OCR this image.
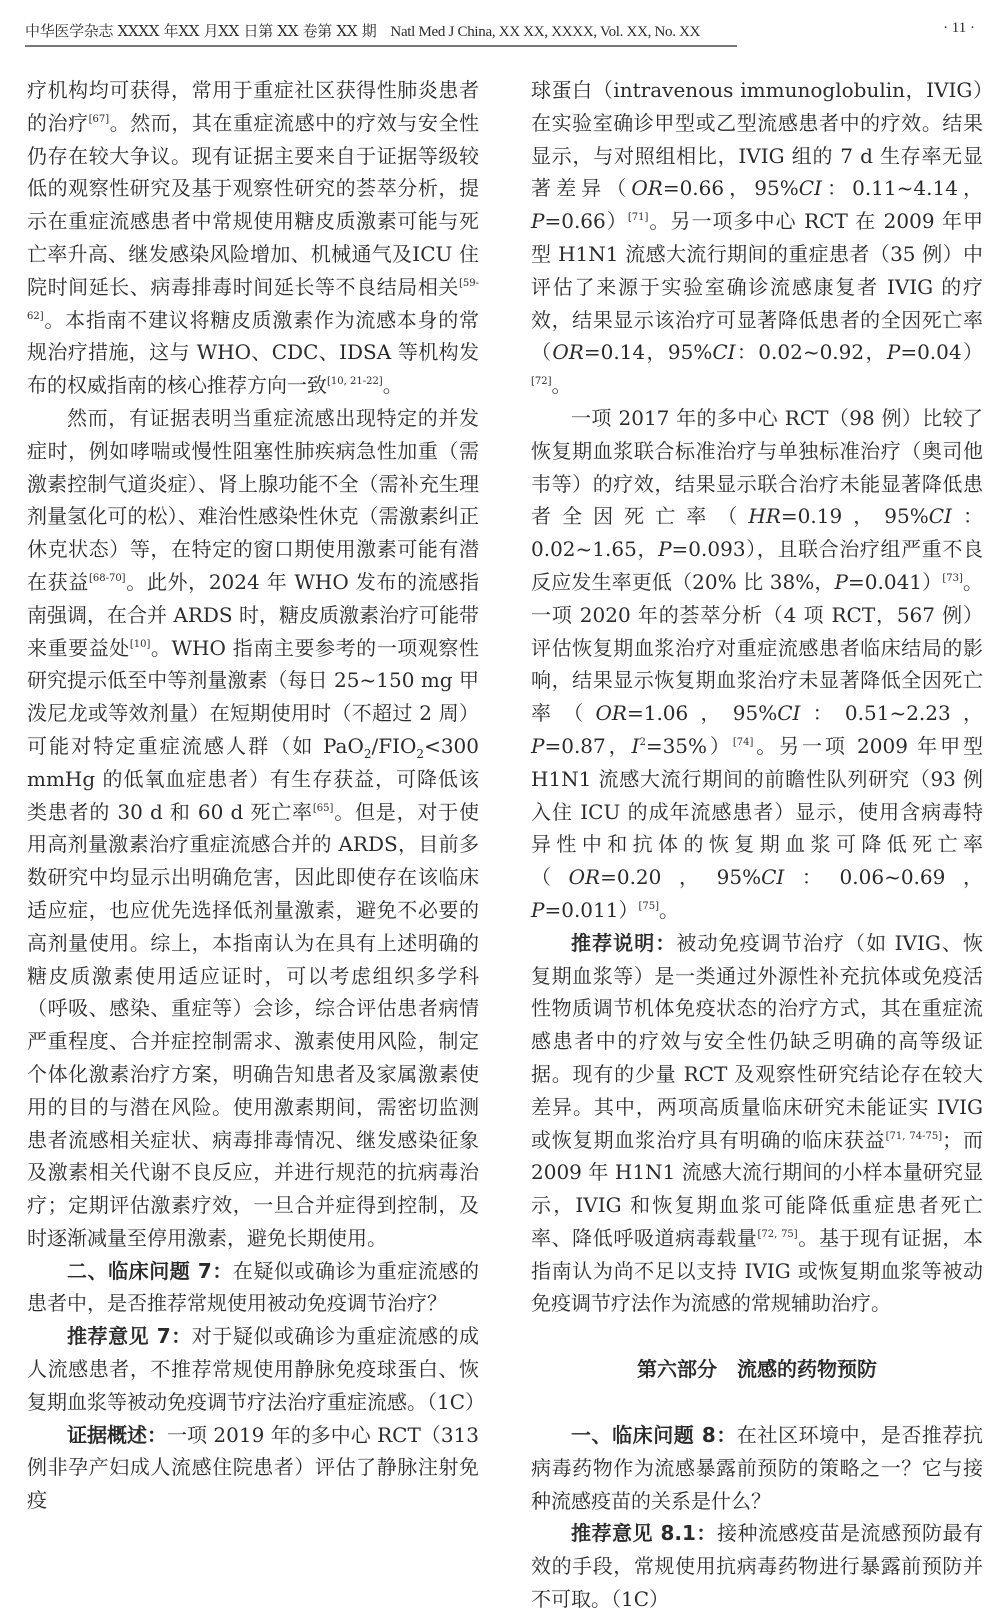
中华医学杂志 XXXX 年XX 月XX 日第 XX 卷第 XX 期 Natl Med J China, XX XX, XXXX, Vol. XX, No. XX	· 11 ·

疗机构均可获得，常用于重症社区获得性肺炎患者的治疗[67]。然而，其在重症流感中的疗效与安全性仍存在较大争议。现有证据主要来自于证据等级较低的观察性研究及基于观察性研究的荟萃分析，提示在重症流感患者中常规使用糖皮质激素可能与死亡率升高、继发感染风险增加、机械通气及ICU 住院时间延长、病毒排毒时间延长等不良结局相关[59-62]。本指南不建议将糖皮质激素作为流感本身的常规治疗措施，这与 WHO、CDC、IDSA 等机构发布的权威指南的核心推荐方向一致[10, 21-22]。

然而，有证据表明当重症流感出现特定的并发症时，例如哮喘或慢性阻塞性肺疾病急性加重（需激素控制气道炎症）、肾上腺功能不全（需补充生理剂量氢化可的松）、难治性感染性休克（需激素纠正休克状态）等，在特定的窗口期使用激素可能有潜在获益[68-70]。此外，2024 年 WHO 发布的流感指南强调，在合并 ARDS 时，糖皮质激素治疗可能带来重要益处[10]。WHO 指南主要参考的一项观察性研究提示低至中等剂量激素（每日 25~150 mg 甲泼尼龙或等效剂量）在短期使用时（不超过 2 周）可能对特定重症流感人群（如 $PaO_2/FIO_2<300$ mmHg 的低氧血症患者）有生存获益，可降低该类患者的 30 d 和 60 d 死亡率[65]。但是，对于使用高剂量激素治疗重症流感合并的 ARDS，目前多数研究中均显示出明确危害，因此即使存在该临床适应症，也应优先选择低剂量激素，避免不必要的高剂量使用。综上，本指南认为在具有上述明确的糖皮质激素使用适应证时，可以考虑组织多学科（呼吸、感染、重症等）会诊，综合评估患者病情严重程度、合并症控制需求、激素使用风险，制定个体化激素治疗方案，明确告知患者及家属激素使用的目的与潜在风险。使用激素期间，需密切监测患者流感相关症状、病毒排毒情况、继发感染征象及激素相关代谢不良反应，并进行规范的抗病毒治疗；定期评估激素疗效，一旦合并症得到控制，及时逐渐减量至停用激素，避免长期使用。

二、临床问题 7：在疑似或确诊为重症流感的患者中，是否推荐常规使用被动免疫调节治疗？

推荐意见 7：对于疑似或确诊为重症流感的成人流感患者，不推荐常规使用静脉免疫球蛋白、恢复期血浆等被动免疫调节疗法治疗重症流感。（1C）

证据概述：一项 2019 年的多中心 RCT（313 例非孕产妇成人流感住院患者）评估了静脉注射免疫

球蛋白（intravenous immunoglobulin，IVIG）在实验室确诊甲型或乙型流感患者中的疗效。结果显示，与对照组相比，IVIG 组的 7 d 生存率无显著差异（OR=0.66，95%CI：0.11~4.14，P=0.66）[71]。另一项多中心 RCT 在 2009 年甲型 H1N1 流感大流行期间的重症患者（35 例）中评估了来源于实验室确诊流感康复者 IVIG 的疗效，结果显示该治疗可显著降低患者的全因死亡率（OR=0.14，95%CI：0.02~0.92，P=0.04）[72]。

一项 2017 年的多中心 RCT（98 例）比较了恢复期血浆联合标准治疗与单独标准治疗（奥司他韦等）的疗效，结果显示联合治疗未能显著降低患者全因死亡率（HR=0.19，95%CI：0.02~1.65，P=0.093），且联合治疗组严重不良反应发生率更低（20% 比 38%，P=0.041）[73]。一项 2020 年的荟萃分析（4 项 RCT，567 例）评估恢复期血浆治疗对重症流感患者临床结局的影响，结果显示恢复期血浆治疗未显著降低全因死亡率（OR=1.06，95%CI：0.51~2.23，P=0.87，$I^2=35\%)[74]$。另一项 2009 年甲型 H1N1 流感大流行期间的前瞻性队列研究（93 例入住 ICU 的成年流感患者）显示，使用含病毒特异性中和抗体的恢复期血浆可降低死亡率（OR=0.20，95%CI：0.06~0.69，P=0.011）[75]。

推荐说明：被动免疫调节治疗（如 IVIG、恢复期血浆等）是一类通过外源性补充抗体或免疫活性物质调节机体免疫状态的治疗方式，其在重症流感患者中的疗效与安全性仍缺乏明确的高等级证据。现有的少量 RCT 及观察性研究结论存在较大差异。其中，两项高质量临床研究未能证实 IVIG 或恢复期血浆治疗具有明确的临床获益[71, 74-75]；而 2009 年 H1N1 流感大流行期间的小样本量研究显示，IVIG 和恢复期血浆可能降低重症患者死亡率、降低呼吸道病毒载量[72, 75]。基于现有证据，本指南认为尚不足以支持 IVIG 或恢复期血浆等被动免疫调节疗法作为流感的常规辅助治疗。

第六部分　流感的药物预防

一、临床问题 8：在社区环境中，是否推荐抗病毒药物作为流感暴露前预防的策略之一？它与接种流感疫苗的关系是什么？

推荐意见 8.1：接种流感疫苗是流感预防最有效的手段，常规使用抗病毒药物进行暴露前预防并不可取。（1C）
